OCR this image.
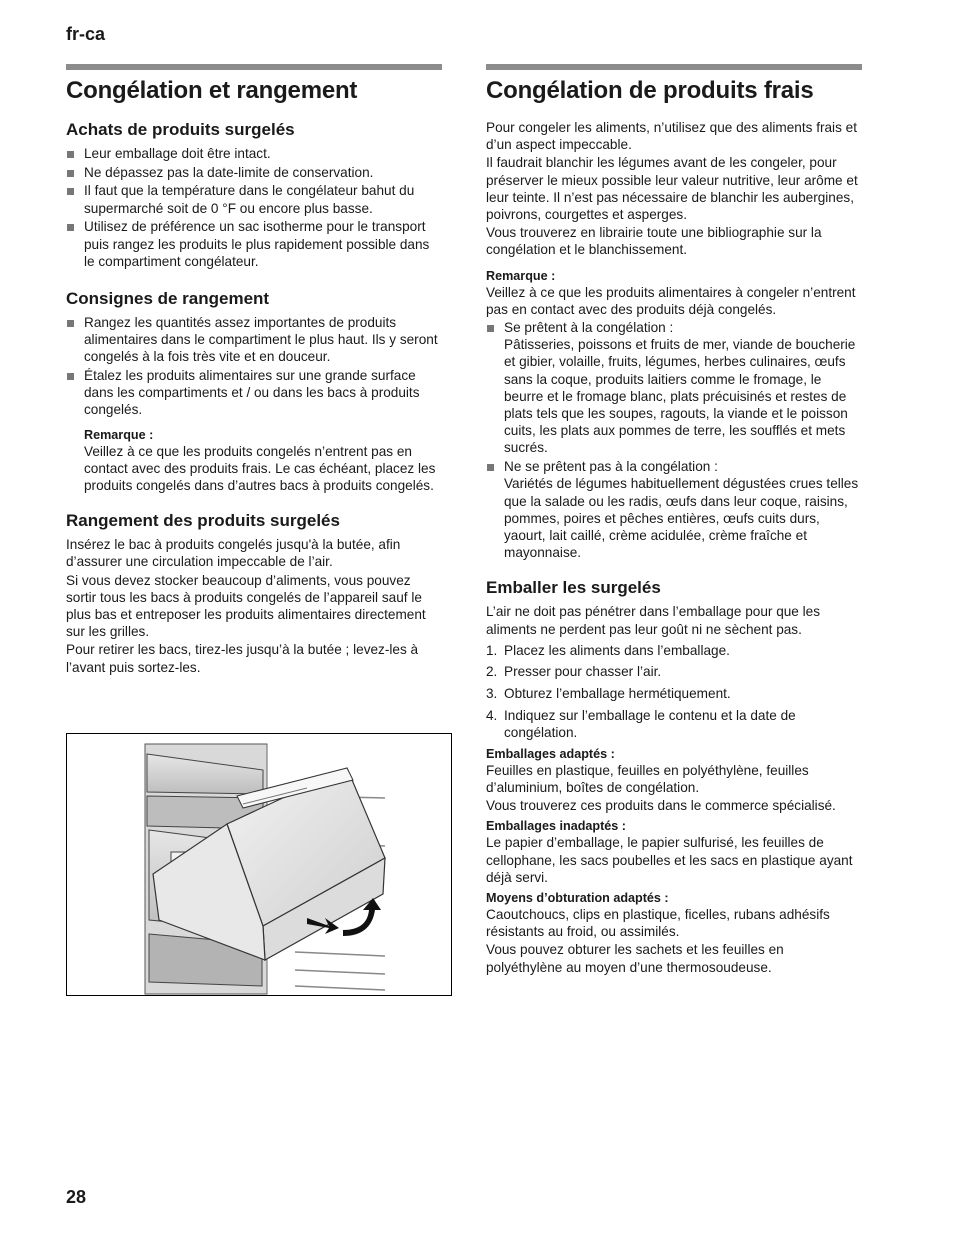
fr-ca
Congélation et rangement
Achats de produits surgelés
Leur emballage doit être intact.
Ne dépassez pas la date-limite de conservation.
Il faut que la température dans le congélateur bahut du supermarché soit de 0 °F ou encore plus basse.
Utilisez de préférence un sac isotherme pour le transport puis rangez les produits le plus rapidement possible dans le compartiment congélateur.
Consignes de rangement
Rangez les quantités assez importantes de produits alimentaires dans le compartiment le plus haut. Ils y seront congelés à la fois très vite et en douceur.
Étalez les produits alimentaires sur une grande surface dans les compartiments et / ou dans les bacs à produits congelés.
Remarque :

Veillez à ce que les produits congelés n’entrent pas en contact avec des produits frais. Le cas échéant, placez les produits congelés dans d’autres bacs à produits congelés.

Rangement des produits surgelés

Insérez le bac à produits congelés jusqu'à la butée, afin d’assurer une circulation impeccable de l’air.

Si vous devez stocker beaucoup d’aliments, vous pouvez sortir tous les bacs à produits congelés de l’appareil sauf le plus bas et entreposer les produits alimentaires directement sur les grilles.

Pour retirer les bacs, tirez-les jusqu’à la butée ; levez-les à l’avant puis sortez-les.

Congélation de produits frais

Pour congeler les aliments, n’utilisez que des aliments frais et d’un aspect impeccable.

Il faudrait blanchir les légumes avant de les congeler, pour préserver le mieux possible leur valeur nutritive, leur arôme et leur teinte. Il n’est pas nécessaire de blanchir les aubergines, poivrons, courgettes et asperges.

Vous trouverez en librairie toute une bibliographie sur la congélation et le blanchissement.

Remarque :

Veillez à ce que les produits alimentaires à congeler n’entrent pas en contact avec des produits déjà congelés.

Se prêtent à la congélation :
Pâtisseries, poissons et fruits de mer, viande de boucherie et gibier, volaille, fruits, légumes, herbes culinaires, œufs sans la coque, produits laitiers comme le fromage, le beurre et le fromage blanc, plats précuisinés et restes de plats tels que les soupes, ragouts, la viande et le poisson cuits, les plats aux pommes de terre, les soufflés et mets sucrés.
Ne se prêtent pas à la congélation :
Variétés de légumes habituellement dégustées crues telles que la salade ou les radis, œufs dans leur coque, raisins, pommes, poires et pêches entières, œufs cuits durs, yaourt, lait caillé, crème acidulée, crème fraîche et mayonnaise.
Emballer les surgelés

L’air ne doit pas pénétrer dans l’emballage pour que les aliments ne perdent pas leur goût ni ne sèchent pas.

1. Placez les aliments dans l’emballage.
2. Presser pour chasser l’air.
3. Obturez l’emballage hermétiquement.
4. Indiquez sur l’emballage le contenu et la date de congélation.
Emballages adaptés :

Feuilles en plastique, feuilles en polyéthylène, feuilles d’aluminium, boîtes de congélation.

Vous trouverez ces produits dans le commerce spécialisé.

Emballages inadaptés :

Le papier d’emballage, le papier sulfurisé, les feuilles de cellophane, les sacs poubelles et les sacs en plastique ayant déjà servi.

Moyens d’obturation adaptés :

Caoutchoucs, clips en plastique, ficelles, rubans adhésifs résistants au froid, ou assimilés.

Vous pouvez obturer les sachets et les feuilles en polyéthylène au moyen d’une thermosoudeuse.

28
